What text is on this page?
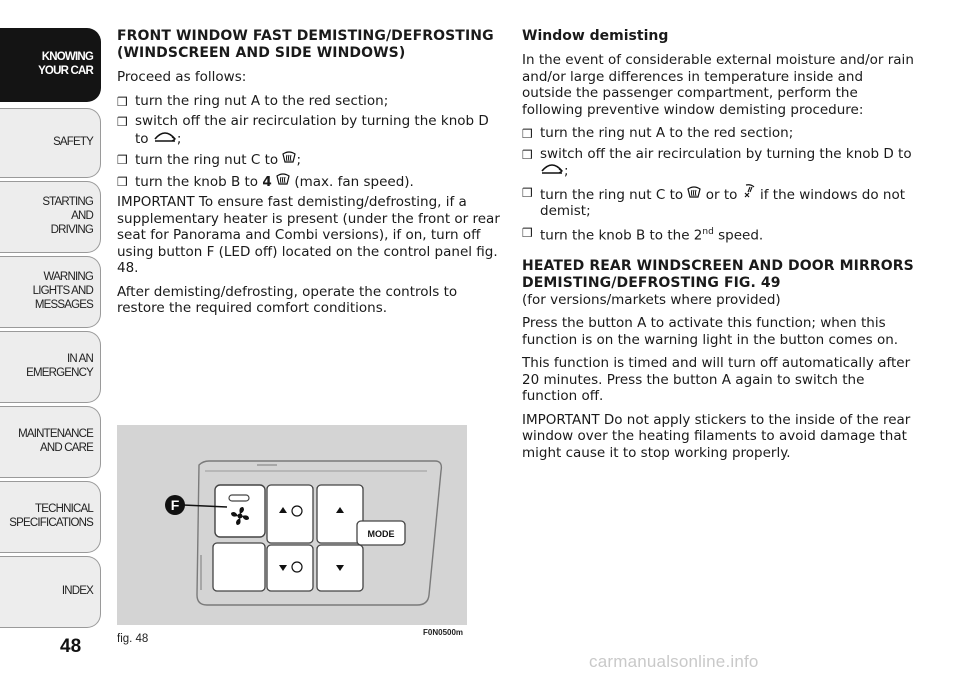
KNOWING
YOUR CAR
SAFETY
STARTING
AND
DRIVING
WARNING
LIGHTS AND
MESSAGES
IN AN
EMERGENCY
MAINTENANCE
AND CARE
TECHNICAL
SPECIFICATIONS
INDEX
48
FRONT WINDOW FAST DEMISTING/DEFROSTING (WINDSCREEN AND SIDE WINDOWS)

Proceed as follows:

❒ turn the ring nut A to the red section;
❒ switch off the air recirculation by turning the knob D to ;
❒ turn the ring nut C to ;
❒ turn the knob B to 4 (max. fan speed).

IMPORTANT To ensure fast demisting/defrosting, if a supplementary heater is present (under the front or rear seat for Panorama and Combi versions), if on, turn off using button F (LED off) located on the control panel fig. 48.

After demisting/defrosting, operate the controls to restore the required comfort conditions.

Window demisting

In the event of considerable external moisture and/or rain and/or large differences in temperature inside and outside the passenger compartment, perform the following preventive window demisting procedure:

❒ turn the ring nut A to the red section;
❒ switch off the air recirculation by turning the knob D to ;
❒ turn the ring nut C to or to if the windows do not demist;
❒ turn the knob B to the 2nd speed.
HEATED REAR WINDSCREEN AND DOOR MIRRORS DEMISTING/DEFROSTING FIG. 49

(for versions/markets where provided)

Press the button A to activate this function; when this function is on the warning light in the button comes on.

This function is timed and will turn off automatically after 20 minutes. Press the button A again to switch the function off.

IMPORTANT Do not apply stickers to the inside of the rear window over the heating filaments to avoid damage that might cause it to stop working properly.

MODE
F
fig. 48
F0N0500m
carmanualsonline.info
